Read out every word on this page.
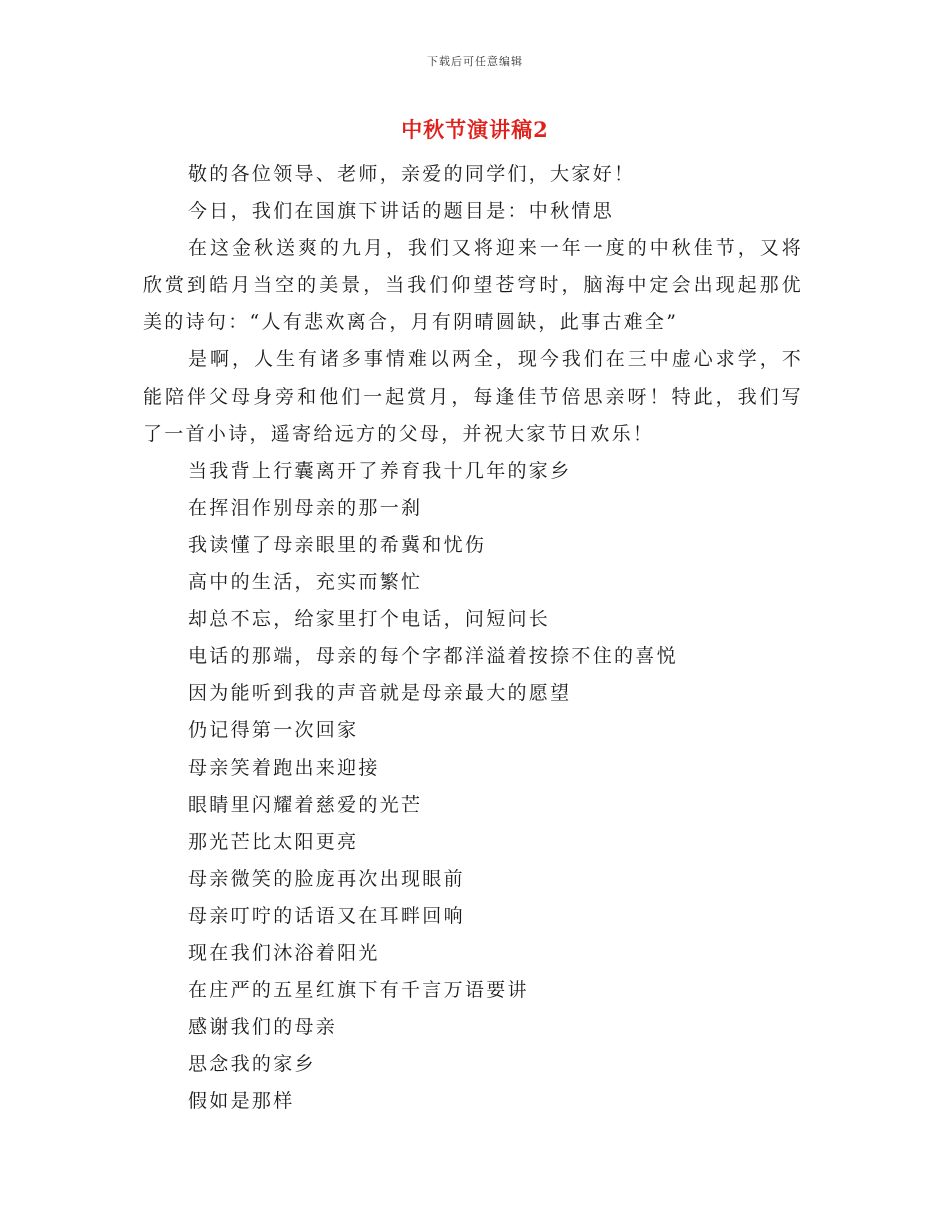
下载后可任意编辑
中秋节演讲稿2

敬的各位领导、老师，亲爱的同学们，大家好！

今日，我们在国旗下讲话的题目是：中秋情思

在这金秋送爽的九月，我们又将迎来一年一度的中秋佳节，又将欣赏到皓月当空的美景，当我们仰望苍穹时，脑海中定会出现起那优美的诗句：“人有悲欢离合，月有阴晴圆缺，此事古难全”

是啊，人生有诸多事情难以两全，现今我们在三中虚心求学，不能陪伴父母身旁和他们一起赏月，每逢佳节倍思亲呀！特此，我们写了一首小诗，遥寄给远方的父母，并祝大家节日欢乐！

当我背上行囊离开了养育我十几年的家乡

在挥泪作别母亲的那一刹

我读懂了母亲眼里的希冀和忧伤

高中的生活，充实而繁忙

却总不忘，给家里打个电话，问短问长

电话的那端，母亲的每个字都洋溢着按捺不住的喜悦

因为能听到我的声音就是母亲最大的愿望

仍记得第一次回家

母亲笑着跑出来迎接

眼睛里闪耀着慈爱的光芒

那光芒比太阳更亮

母亲微笑的脸庞再次出现眼前

母亲叮咛的话语又在耳畔回响

现在我们沐浴着阳光

在庄严的五星红旗下有千言万语要讲

感谢我们的母亲

思念我的家乡

假如是那样
